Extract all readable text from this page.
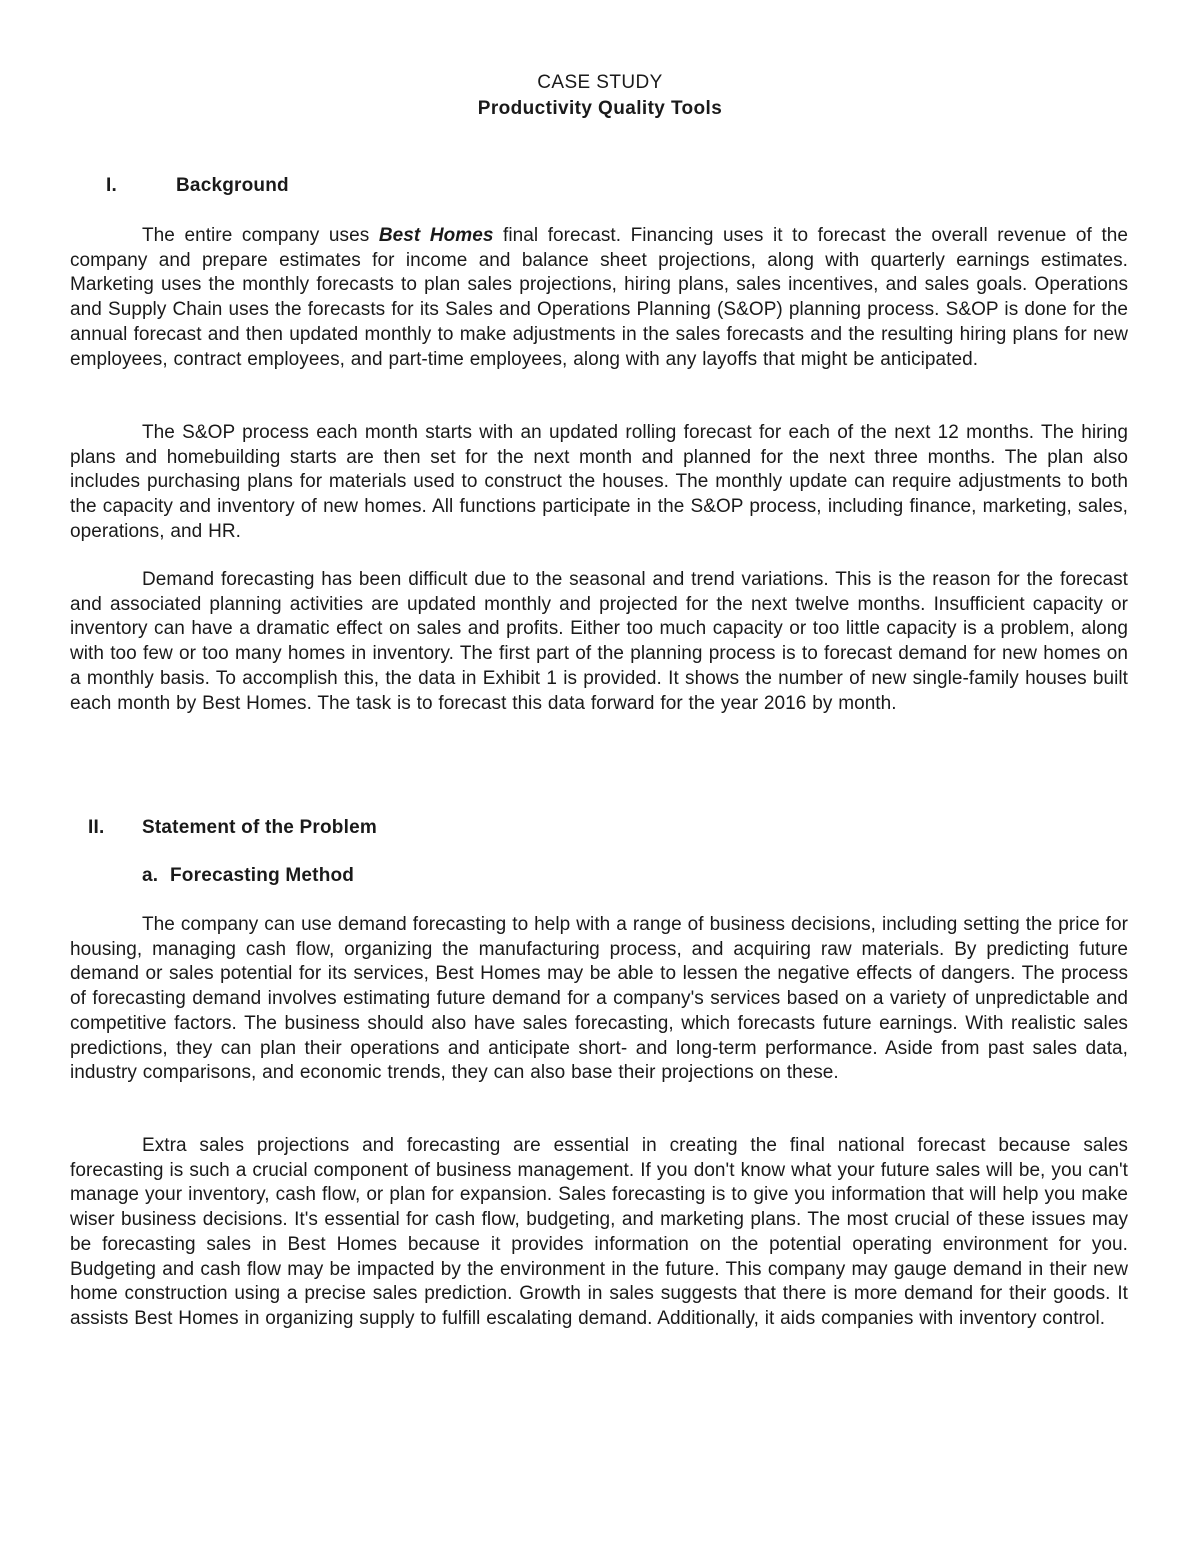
CASE STUDY
Productivity Quality Tools
I.	Background

The entire company uses Best Homes final forecast. Financing uses it to forecast the overall revenue of the company and prepare estimates for income and balance sheet projections, along with quarterly earnings estimates. Marketing uses the monthly forecasts to plan sales projections, hiring plans, sales incentives, and sales goals. Operations and Supply Chain uses the forecasts for its Sales and Operations Planning (S&OP) planning process. S&OP is done for the annual forecast and then updated monthly to make adjustments in the sales forecasts and the resulting hiring plans for new employees, contract employees, and part-time employees, along with any layoffs that might be anticipated.

The S&OP process each month starts with an updated rolling forecast for each of the next 12 months. The hiring plans and homebuilding starts are then set for the next month and planned for the next three months. The plan also includes purchasing plans for materials used to construct the houses. The monthly update can require adjustments to both the capacity and inventory of new homes. All functions participate in the S&OP process, including finance, marketing, sales, operations, and HR.

Demand forecasting has been difficult due to the seasonal and trend variations. This is the reason for the forecast and associated planning activities are updated monthly and projected for the next twelve months. Insufficient capacity or inventory can have a dramatic effect on sales and profits. Either too much capacity or too little capacity is a problem, along with too few or too many homes in inventory. The first part of the planning process is to forecast demand for new homes on a monthly basis. To accomplish this, the data in Exhibit 1 is provided. It shows the number of new single-family houses built each month by Best Homes. The task is to forecast this data forward for the year 2016 by month.

II. Statement of the Problem
a. Forecasting Method

The company can use demand forecasting to help with a range of business decisions, including setting the price for housing, managing cash flow, organizing the manufacturing process, and acquiring raw materials. By predicting future demand or sales potential for its services, Best Homes may be able to lessen the negative effects of dangers. The process of forecasting demand involves estimating future demand for a company's services based on a variety of unpredictable and competitive factors. The business should also have sales forecasting, which forecasts future earnings. With realistic sales predictions, they can plan their operations and anticipate short- and long-term performance. Aside from past sales data, industry comparisons, and economic trends, they can also base their projections on these.

Extra sales projections and forecasting are essential in creating the final national forecast because sales forecasting is such a crucial component of business management. If you don't know what your future sales will be, you can't manage your inventory, cash flow, or plan for expansion. Sales forecasting is to give you information that will help you make wiser business decisions. It's essential for cash flow, budgeting, and marketing plans. The most crucial of these issues may be forecasting sales in Best Homes because it provides information on the potential operating environment for you. Budgeting and cash flow may be impacted by the environment in the future. This company may gauge demand in their new home construction using a precise sales prediction. Growth in sales suggests that there is more demand for their goods. It assists Best Homes in organizing supply to fulfill escalating demand. Additionally, it aids companies with inventory control.
